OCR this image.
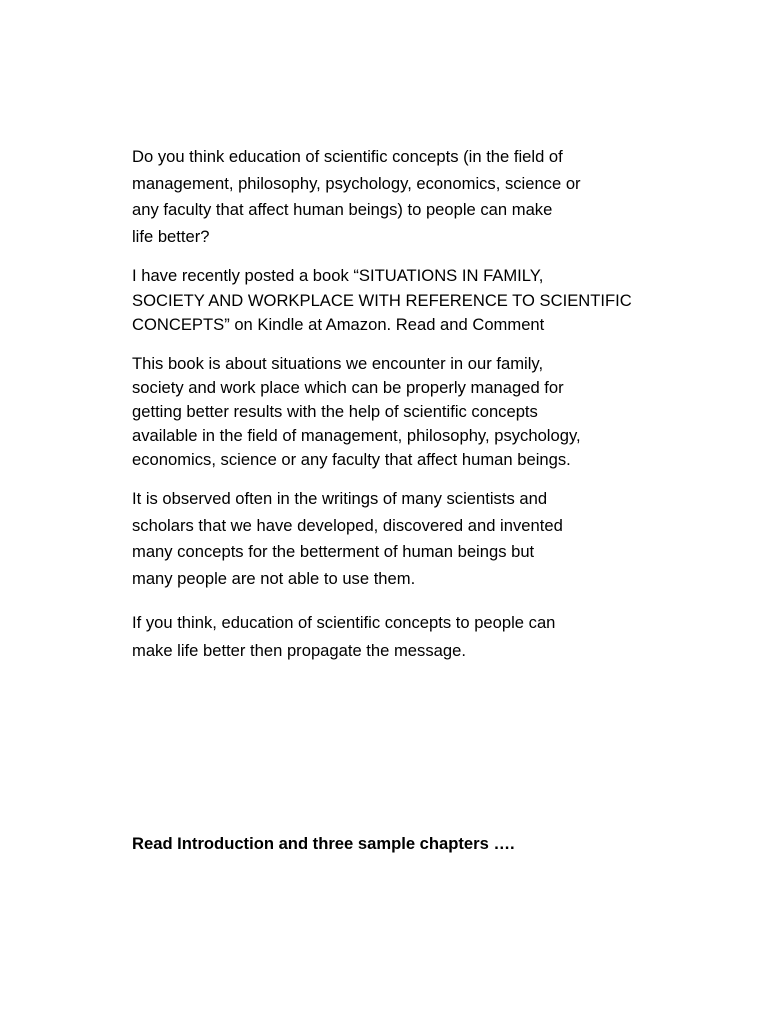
Do you think education of scientific concepts (in the field of
management, philosophy, psychology, economics, science or
any faculty that affect human beings) to people can make
life better?

I have recently posted a book “SITUATIONS IN FAMILY,
SOCIETY AND WORKPLACE WITH REFERENCE TO SCIENTIFIC
CONCEPTS” on Kindle at Amazon. Read and Comment

This book is about situations we encounter in our family,
society and work place which can be properly managed for
getting better results with the help of scientific concepts
available in the field of management, philosophy, psychology,
economics, science or any faculty that affect human beings.

It is observed often in the writings of many scientists and
scholars that we have developed, discovered and invented
many concepts for the betterment of human beings but
many people are not able to use them.

If you think, education of scientific concepts to people can
make life better then propagate the message.

Read Introduction and three sample chapters ….
